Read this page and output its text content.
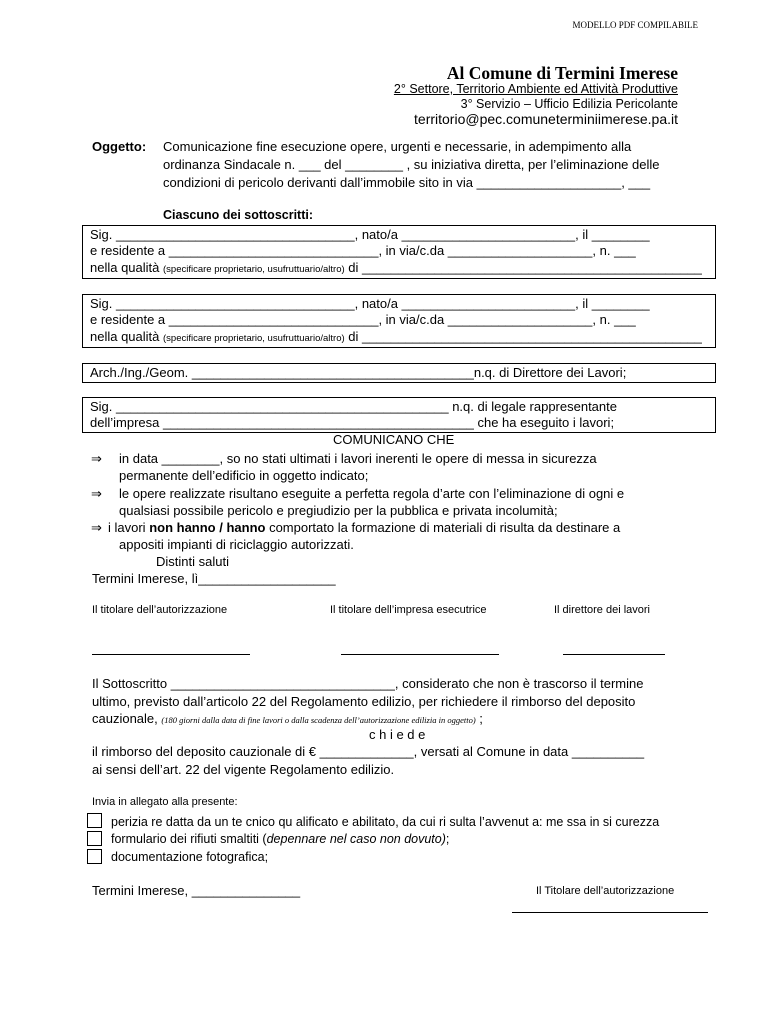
MODELLO PDF COMPILABILE
Al Comune di Termini Imerese
2° Settore, Territorio Ambiente ed Attività Produttive
3° Servizio – Ufficio Edilizia Pericolante
territorio@pec.comuneterminiimerese.pa.it
Oggetto: Comunicazione fine esecuzione opere, urgenti e necessarie, in adempimento alla
ordinanza Sindacale n. ___ del ________ , su iniziativa diretta, per l’eliminazione delle
condizioni di pericolo derivanti dall’immobile sito in via ____________________, ___
Ciascuno dei sottoscritti:
Sig. _________________________________, nato/a ________________________, il ________
e residente a _____________________________, in via/c.da ____________________, n. ___
nella qualità (specificare proprietario, usufruttuario/altro) di _______________________________________________
Sig. _________________________________, nato/a ________________________, il ________
e residente a _____________________________, in via/c.da ____________________, n. ___
nella qualità (specificare proprietario, usufruttuario/altro) di _______________________________________________
Arch./Ing./Geom. _______________________________________n.q. di Direttore dei Lavori;
Sig. ______________________________________________ n.q. di legale rappresentante
dell’impresa ___________________________________________ che ha eseguito i lavori;
COMUNICANO CHE
⇒ in data ________, so no stati ultimati i lavori inerenti le opere di messa in sicurezza
permanente dell’edificio in oggetto indicato;
⇒ le opere realizzate risultano eseguite a perfetta regola d’arte con l’eliminazione di ogni e
qualsiasi possibile pericolo e pregiudizio per la pubblica e privata incolumità;
⇒ i lavori non hanno / hanno comportato la formazione di materiali di risulta da destinare a
appositi impianti di riciclaggio autorizzati.
Distinti saluti
Termini Imerese, lì___________________
Il titolare dell’autorizzazione	Il titolare dell’impresa esecutrice	Il direttore dei lavori
Il Sottoscritto _______________________________, considerato che non è trascorso il termine
ultimo, previsto dall’articolo 22 del Regolamento edilizio, per richiedere il rimborso del deposito
cauzionale, (180 giorni dalla data di fine lavori o dalla scadenza dell’autorizzazione edilizia in oggetto) ;
c h i e d e
il rimborso del deposito cauzionale di € _____________, versati al Comune in data __________
ai sensi dell’art. 22 del vigente Regolamento edilizio.
Invia in allegato alla presente:
perizia re datta da un te cnico qu alificato e abilitato, da cui ri sulta l’avvenut a: me ssa in si curezza
formulario dei rifiuti smaltiti (depennare nel caso non dovuto);
documentazione fotografica;
Termini Imerese, _______________	Il Titolare dell’autorizzazione
